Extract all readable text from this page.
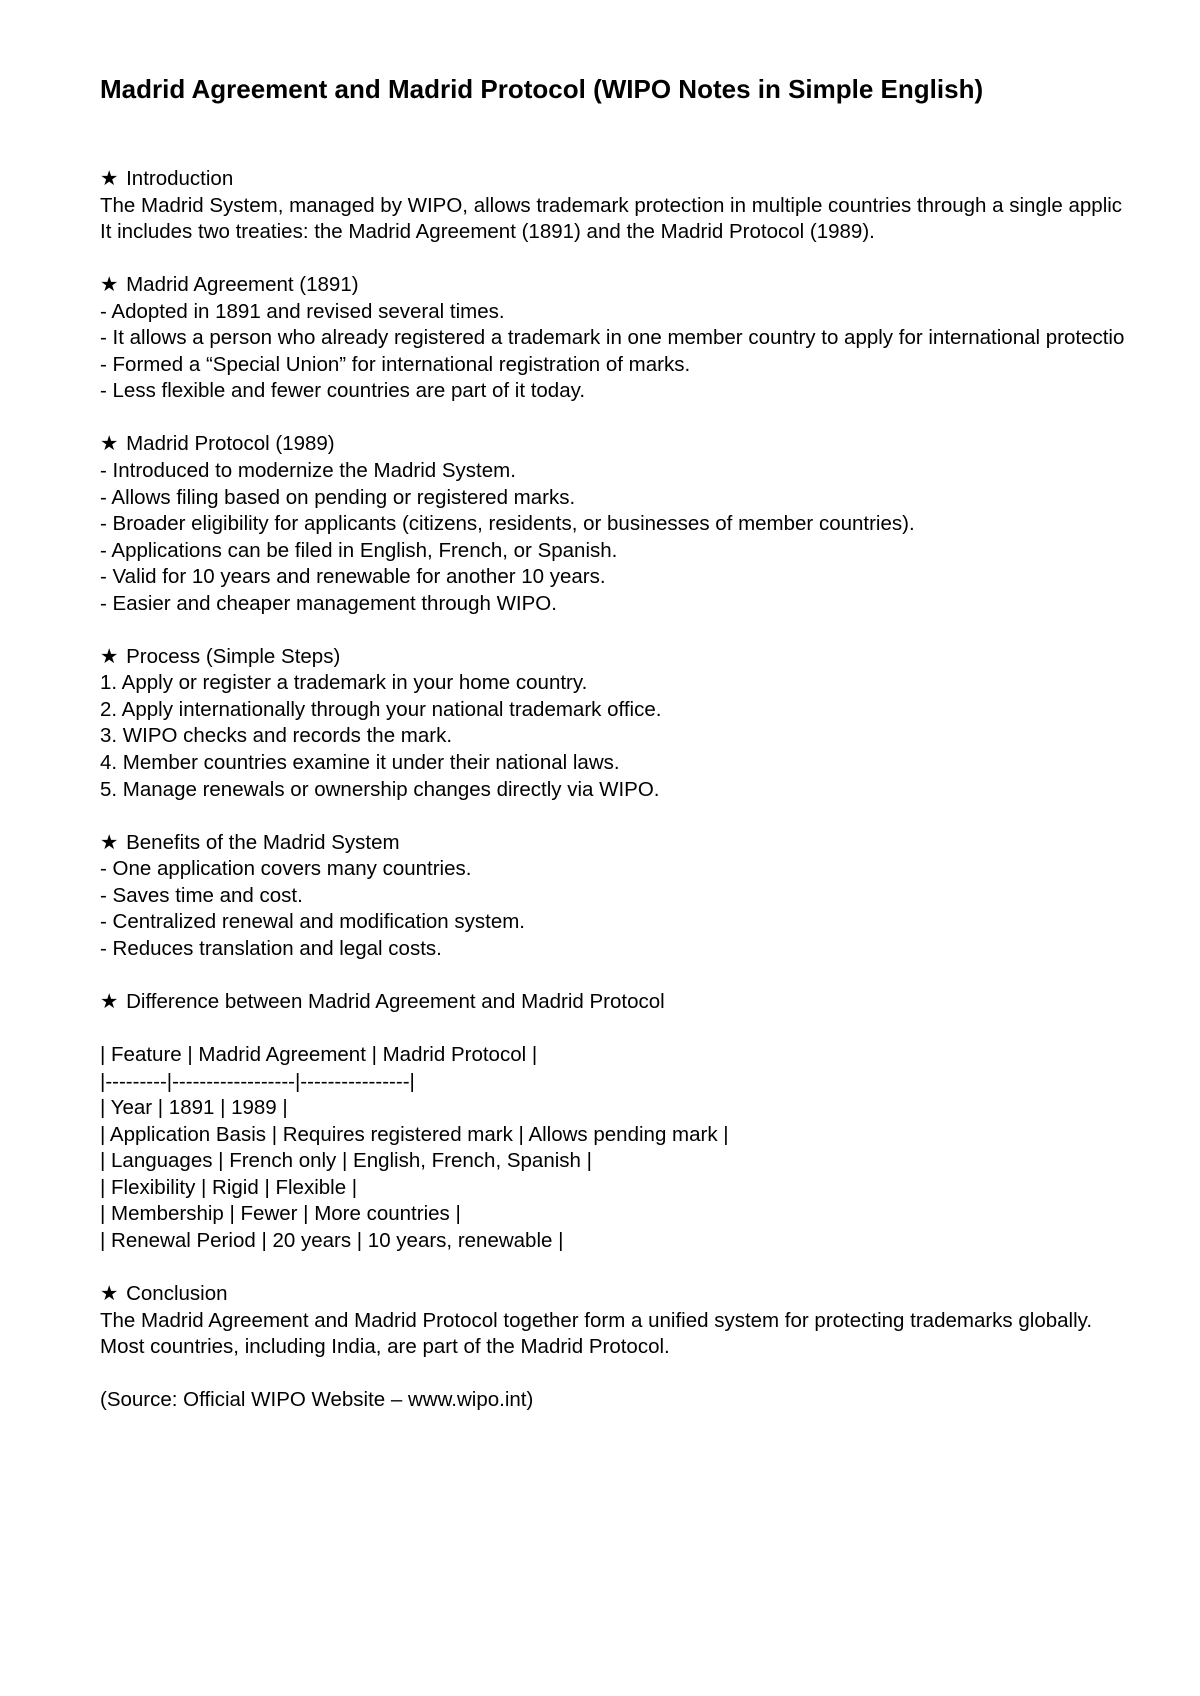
Madrid Agreement and Madrid Protocol (WIPO Notes in Simple English)
★ Introduction
The Madrid System, managed by WIPO, allows trademark protection in multiple countries through a single applic
It includes two treaties: the Madrid Agreement (1891) and the Madrid Protocol (1989).
★ Madrid Agreement (1891)
- Adopted in 1891 and revised several times.
- It allows a person who already registered a trademark in one member country to apply for international protectio
- Formed a “Special Union” for international registration of marks.
- Less flexible and fewer countries are part of it today.
★ Madrid Protocol (1989)
- Introduced to modernize the Madrid System.
- Allows filing based on pending or registered marks.
- Broader eligibility for applicants (citizens, residents, or businesses of member countries).
- Applications can be filed in English, French, or Spanish.
- Valid for 10 years and renewable for another 10 years.
- Easier and cheaper management through WIPO.
★ Process (Simple Steps)
1. Apply or register a trademark in your home country.
2. Apply internationally through your national trademark office.
3. WIPO checks and records the mark.
4. Member countries examine it under their national laws.
5. Manage renewals or ownership changes directly via WIPO.
★ Benefits of the Madrid System
- One application covers many countries.
- Saves time and cost.
- Centralized renewal and modification system.
- Reduces translation and legal costs.
★ Difference between Madrid Agreement and Madrid Protocol
| Feature | Madrid Agreement | Madrid Protocol |
|---------|------------------|----------------|
| Year | 1891 | 1989 |
| Application Basis | Requires registered mark | Allows pending mark |
| Languages | French only | English, French, Spanish |
| Flexibility | Rigid | Flexible |
| Membership | Fewer | More countries |
| Renewal Period | 20 years | 10 years, renewable |
★ Conclusion
The Madrid Agreement and Madrid Protocol together form a unified system for protecting trademarks globally.
Most countries, including India, are part of the Madrid Protocol.
(Source: Official WIPO Website – www.wipo.int)
